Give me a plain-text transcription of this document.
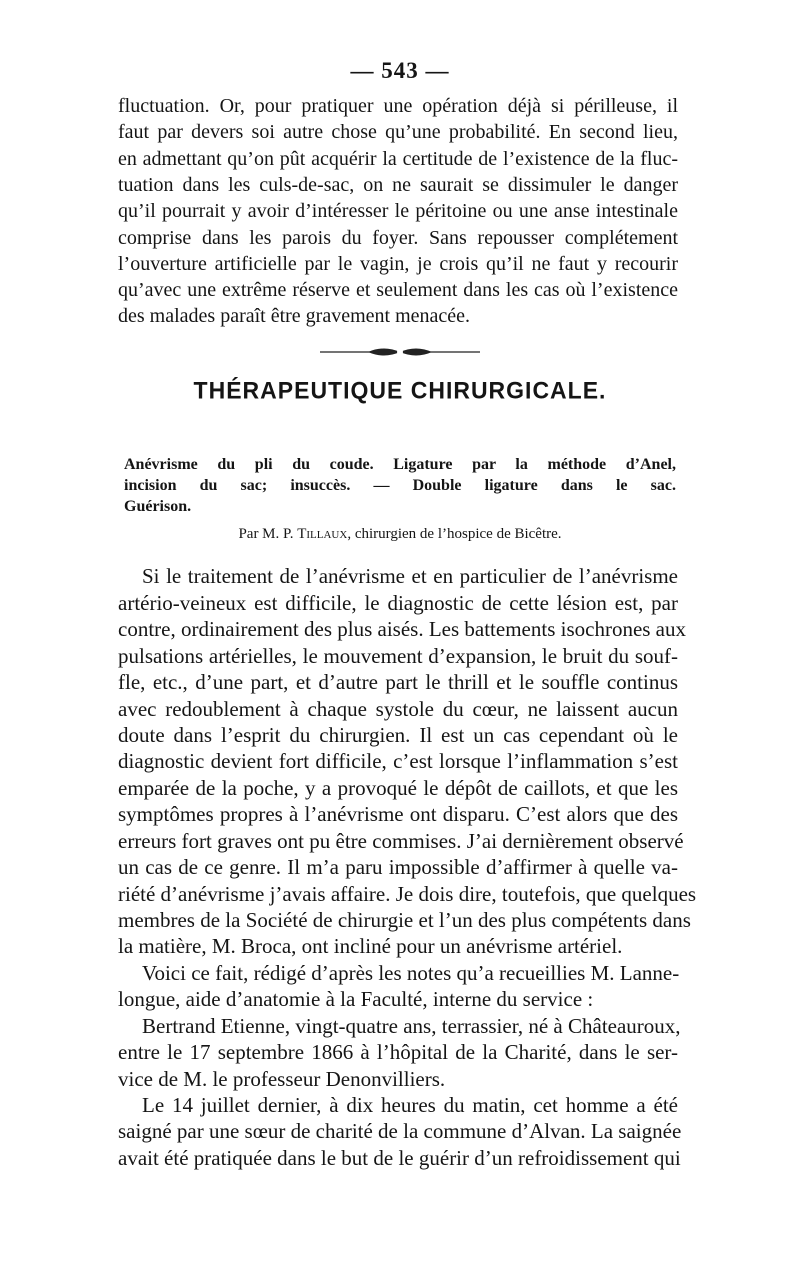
— 543 —
fluctuation. Or, pour pratiquer une opération déjà si périlleuse, il
faut par devers soi autre chose qu’une probabilité. En second lieu,
en admettant qu’on pût acquérir la certitude de l’existence de la fluc-
tuation dans les culs-de-sac, on ne saurait se dissimuler le danger
qu’il pourrait y avoir d’intéresser le péritoine ou une anse intestinale
comprise dans les parois du foyer. Sans repousser complétement
l’ouverture artificielle par le vagin, je crois qu’il ne faut y recourir
qu’avec une extrême réserve et seulement dans les cas où l’existence
des malades paraît être gravement menacée.
THÉRAPEUTIQUE CHIRURGICALE.
Anévrisme du pli du coude. Ligature par la méthode d’Anel,
incision du sac; insuccès. — Double ligature dans le sac.
Guérison.
Par M. P. Tillaux, chirurgien de l’hospice de Bicêtre.
Si le traitement de l’anévrisme et en particulier de l’anévrisme
artério-veineux est difficile, le diagnostic de cette lésion est, par
contre, ordinairement des plus aisés. Les battements isochrones aux
pulsations artérielles, le mouvement d’expansion, le bruit du souf-
fle, etc., d’une part, et d’autre part le thrill et le souffle continus
avec redoublement à chaque systole du cœur, ne laissent aucun
doute dans l’esprit du chirurgien. Il est un cas cependant où le
diagnostic devient fort difficile, c’est lorsque l’inflammation s’est
emparée de la poche, y a provoqué le dépôt de caillots, et que les
symptômes propres à l’anévrisme ont disparu. C’est alors que des
erreurs fort graves ont pu être commises. J’ai dernièrement observé
un cas de ce genre. Il m’a paru impossible d’affirmer à quelle va-
riété d’anévrisme j’avais affaire. Je dois dire, toutefois, que quelques
membres de la Société de chirurgie et l’un des plus compétents dans
la matière, M. Broca, ont incliné pour un anévrisme artériel.
Voici ce fait, rédigé d’après les notes qu’a recueillies M. Lanne-
longue, aide d’anatomie à la Faculté, interne du service :
Bertrand Etienne, vingt-quatre ans, terrassier, né à Châteauroux,
entre le 17 septembre 1866 à l’hôpital de la Charité, dans le ser-
vice de M. le professeur Denonvilliers.
Le 14 juillet dernier, à dix heures du matin, cet homme a été
saigné par une sœur de charité de la commune d’Alvan. La saignée
avait été pratiquée dans le but de le guérir d’un refroidissement qui
